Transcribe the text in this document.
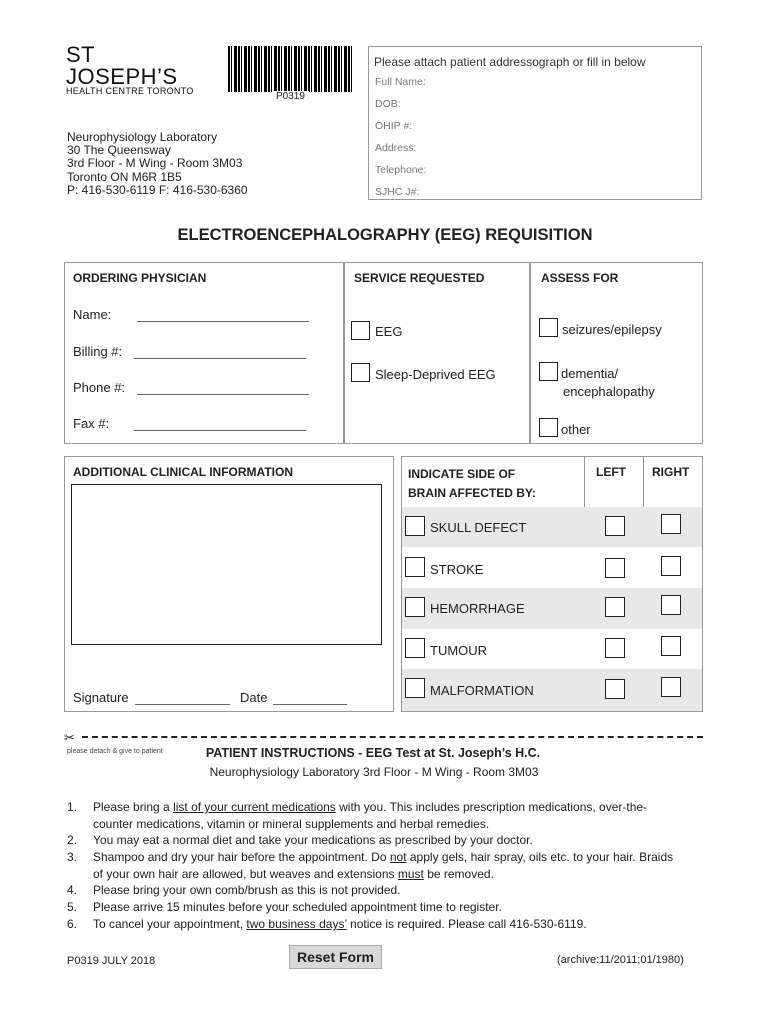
ST
JOSEPH’S
HEALTH CENTRE TORONTO	P0319
Neurophysiology Laboratory
30 The Queensway
3rd Floor - M Wing - Room 3M03
Toronto ON M6R 1B5
P: 416-530-6119 F: 416-530-6360
Please attach patient addressograph or fill in below
Full Name:
DOB:
OHIP #:
Address:
Telephone:
SJHC J#:
ELECTROENCEPHALOGRAPHY (EEG) REQUISITION
ORDERING PHYSICIAN
Name:
Billing #:
Phone #:
Fax #:
SERVICE REQUESTED
EEG
Sleep-Deprived EEG
ASSESS FOR
seizures/epilepsy
dementia/
encephalopathy
other
ADDITIONAL CLINICAL INFORMATION
Signature	Date
INDICATE SIDE OF
BRAIN AFFECTED BY:
LEFT RIGHT
SKULL DEFECT
STROKE
HEMORRHAGE
TUMOUR
MALFORMATION
✂
please detach & give to patient	PATIENT INSTRUCTIONS - EEG Test at St. Joseph’s H.C.
Neurophysiology Laboratory 3rd Floor - M Wing - Room 3M03
1. Please bring a list of your current medications with you. This includes prescription medications, over-the-counter medications, vitamin or mineral supplements and herbal remedies.
2. You may eat a normal diet and take your medications as prescribed by your doctor.
3. Shampoo and dry your hair before the appointment. Do not apply gels, hair spray, oils etc. to your hair. Braids of your own hair are allowed, but weaves and extensions must be removed.
4. Please bring your own comb/brush as this is not provided.
5. Please arrive 15 minutes before your scheduled appointment time to register.
6. To cancel your appointment, two business days’ notice is required. Please call 416-530-6119.
P0319 JULY 2018	Reset Form	(archive:11/2011;01/1980)
